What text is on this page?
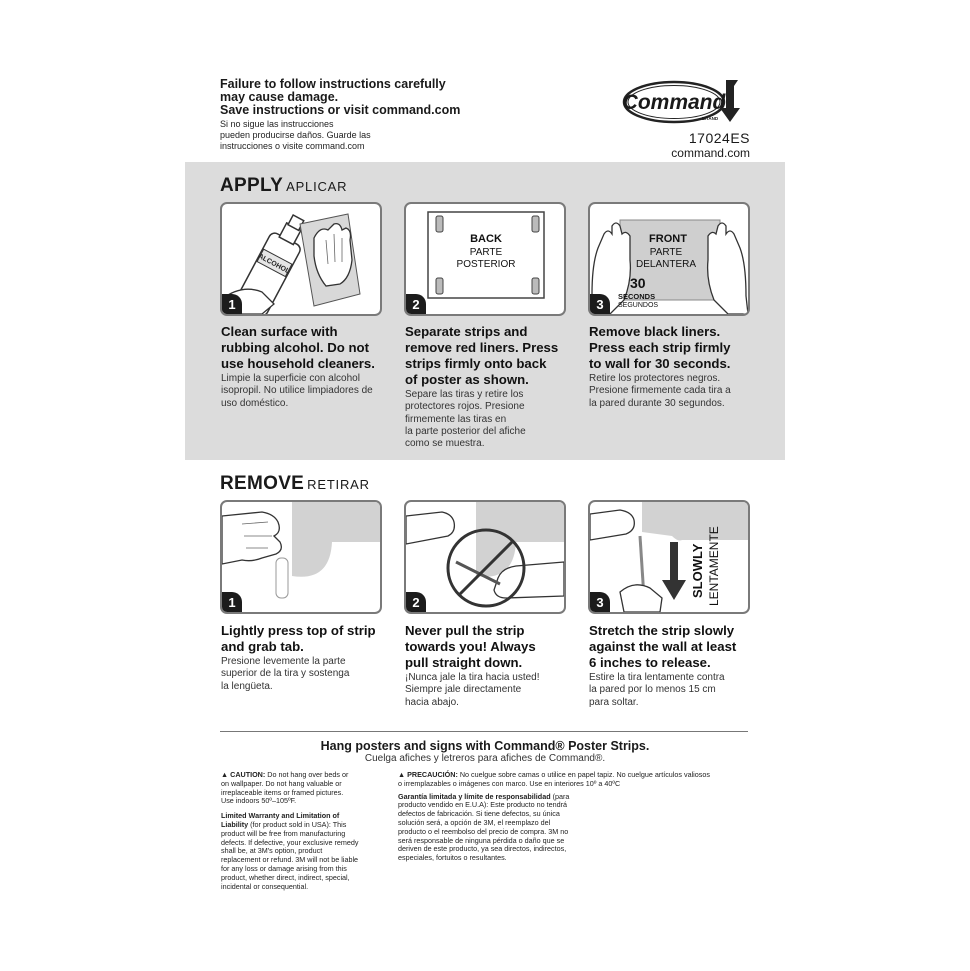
Failure to follow instructions carefully
may cause damage.
Save instructions or visit command.com
Si no sigue las instrucciones
pueden producirse daños. Guarde las
instrucciones o visite command.com
Command
BRAND
17024ES
command.com
APPLY APLICAR
ALCOHOL
1
BACK
PARTE
POSTERIOR
2
FRONT
PARTE
DELANTERA
30
SECONDS
SEGUNDOS
3
Clean surface with
rubbing alcohol. Do not
use household cleaners.
Limpie la superficie con alcohol
isopropil. No utilice limpiadores de
uso doméstico.
Separate strips and
remove red liners. Press
strips firmly onto back
of poster as shown.
Separe las tiras y retire los
protectores rojos. Presione
firmemente las tiras en
la parte posterior del afiche
como se muestra.
Remove black liners.
Press each strip firmly
to wall for 30 seconds.
Retire los protectores negros.
Presione firmemente cada tira a
la pared durante 30 segundos.
REMOVE RETIRAR
1	2
SLOWLY LENTAMENTE
3
Lightly press top of strip
and grab tab.
Presione levemente la parte
superior de la tira y sostenga
la lengüeta.
Never pull the strip
towards you! Always
pull straight down.
¡Nunca jale la tira hacia usted!
Siempre jale directamente
hacia abajo.
Stretch the strip slowly
against the wall at least
6 inches to release.
Estire la tira lentamente contra
la pared por lo menos 15 cm
para soltar.
Hang posters and signs with Command® Poster Strips.
Cuelga afiches y letreros para afiches de Command®.
▲ CAUTION: Do not hang over beds or
on wallpaper. Do not hang valuable or
irreplaceable items or framed pictures.
Use indoors 50º–105ºF.
Limited Warranty and Limitation of
Liability (for product sold in USA): This
product will be free from manufacturing
defects. If defective, your exclusive remedy
shall be, at 3M's option, product
replacement or refund. 3M will not be liable
for any loss or damage arising from this
product, whether direct, indirect, special,
incidental or consequential.
▲ PRECAUCIÓN: No cuelgue sobre camas o utilice en papel tapiz. No cuelgue artículos valiosos
o irremplazables o imágenes con marco. Use en interiores 10º a 40ºC
Garantía limitada y límite de responsabilidad (para
producto vendido en E.U.A): Este producto no tendrá
defectos de fabricación. Si tiene defectos, su única
solución será, a opción de 3M, el reemplazo del
producto o el reembolso del precio de compra. 3M no
será responsable de ninguna pérdida o daño que se
deriven de este producto, ya sea directos, indirectos,
especiales, fortuitos o resultantes.
